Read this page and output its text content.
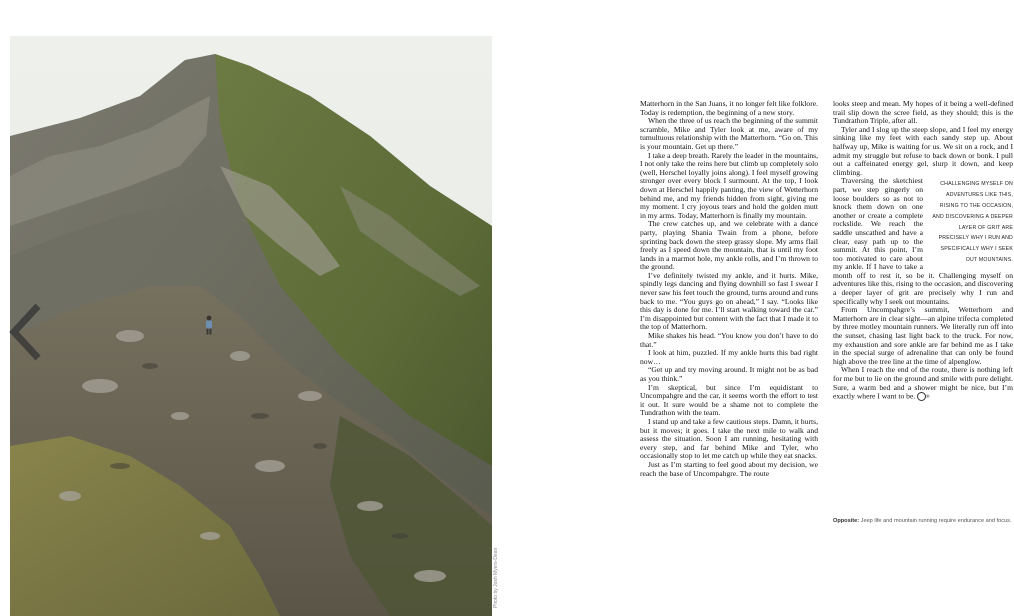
Photo by Josh Myers-Dean

Matterhorn in the San Juans, it no longer felt like folklore. Today is redemption, the beginning of a new story.

When the three of us reach the beginning of the summit scramble, Mike and Tyler look at me, aware of my tumultuous relationship with the Matterhorn. “Go on. This is your mountain. Get up there.”

I take a deep breath. Rarely the leader in the mountains, I not only take the reins here but climb up completely solo (well, Herschel loyally joins along). I feel myself growing stronger over every block I surmount. At the top, I look down at Herschel happily panting, the view of Wetterhorn behind me, and my friends hidden from sight, giving me my moment. I cry joyous tears and hold the golden mutt in my arms. Today, Matterhorn is finally my mountain.

The crew catches up, and we celebrate with a dance party, playing Shania Twain from a phone, before sprinting back down the steep grassy slope. My arms flail freely as I speed down the mountain, that is until my foot lands in a marmot hole, my ankle rolls, and I’m thrown to the ground.

I’ve definitely twisted my ankle, and it hurts. Mike, spindly legs dancing and flying downhill so fast I swear I never saw his feet touch the ground, turns around and runs back to me. “You guys go on ahead,” I say. “Looks like this day is done for me. I’ll start walking toward the car.” I’m disappointed but content with the fact that I made it to the top of Matterhorn.

Mike shakes his head. “You know you don’t have to do that.”

I look at him, puzzled. If my ankle hurts this bad right now…

“Get up and try moving around. It might not be as bad as you think.”

I’m skeptical, but since I’m equidistant to Uncompahgre and the car, it seems worth the effort to test it out. It sure would be a shame not to complete the Tundrathon with the team.

I stand up and take a few cautious steps. Damn, it hurts, but it moves; it goes. I take the next mile to walk and assess the situation. Soon I am running, hesitating with every step, and far behind Mike and Tyler, who occasionally stop to let me catch up while they eat snacks.

Just as I’m starting to feel good about my decision, we reach the base of Uncompahgre. The route

looks steep and mean. My hopes of it being a well-defined trail slip down the scree field, as they should; this is the Tundrathon Triple, after all.

Tyler and I slog up the steep slope, and I feel my energy sinking like my feet with each sandy step up. About halfway up, Mike is waiting for us. We sit on a rock, and I admit my struggle but refuse to back down or bonk. I pull out a caffeinated energy gel, slurp it down, and keep climbing.

CHALLENGING MYSELF ON ADVENTURES LIKE THIS, RISING TO THE OCCASION, AND DISCOVERING A DEEPER LAYER OF GRIT ARE PRECISELY WHY I RUN AND SPECIFICALLY WHY I SEEK OUT MOUNTAINS.

Traversing the sketchiest part, we step gingerly on loose boulders so as not to knock them down on one another or create a complete rockslide. We reach the saddle unscathed and have a clear, easy path up to the summit. At this point, I’m too motivated to care about my ankle. If I have to take a month off to rest it, so be it. Challenging myself on adventures like this, rising to the occasion, and discovering a deeper layer of grit are precisely why I run and specifically why I seek out mountains.

From Uncompahgre’s summit, Wetterhorn and Matterhorn are in clear sight—an alpine trifecta completed by three motley mountain runners. We literally run off into the sunset, chasing last light back to the truck. For now, my exhaustion and sore ankle are far behind me as I take in the special surge of adrenaline that can only be found high above the tree line at the time of alpenglow.

When I reach the end of the route, there is nothing left for me but to lie on the ground and smile with pure delight. Sure, a warm bed and a shower might be nice, but I’m exactly where I want to be. ®

Opposite: Jeep life and mountain running require endurance and focus.
